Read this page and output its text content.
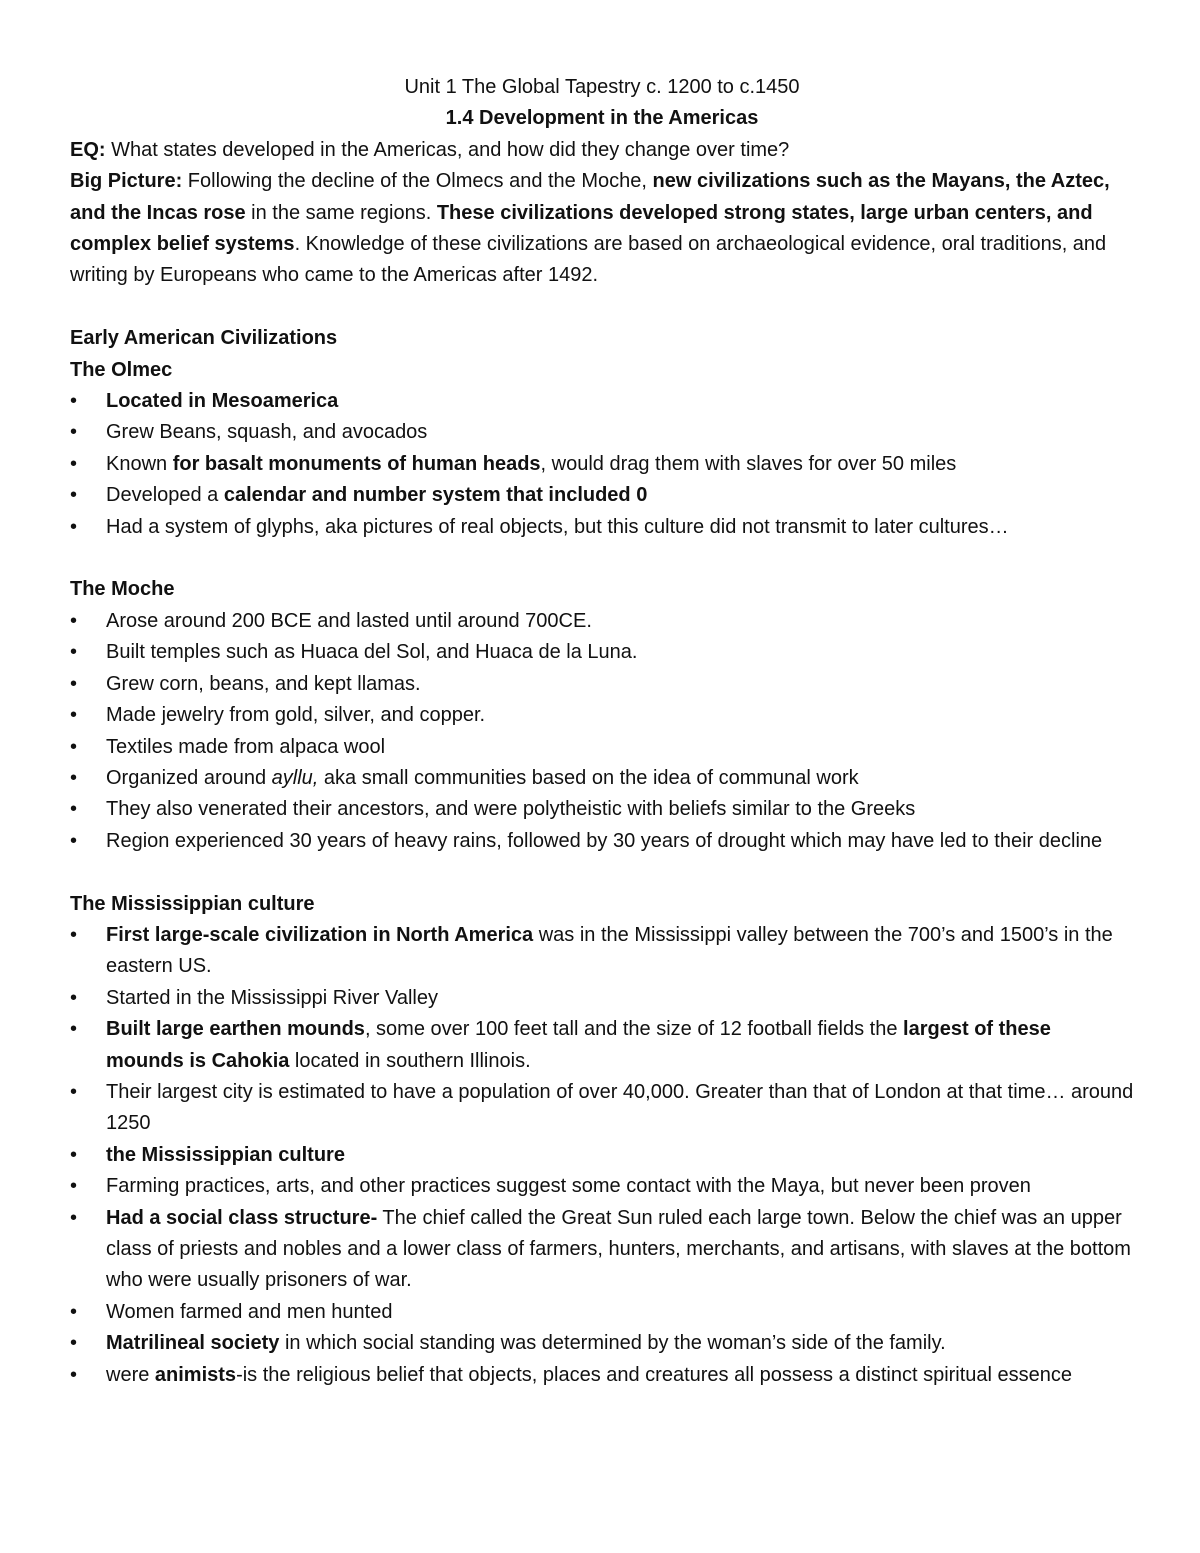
Unit 1 The Global Tapestry c. 1200 to c.1450

1.4 Development in the Americas

EQ: What states developed in the Americas, and how did they change over time?

Big Picture: Following the decline of the Olmecs and the Moche, new civilizations such as the Mayans, the Aztec, and the Incas rose in the same regions. These civilizations developed strong states, large urban centers, and complex belief systems. Knowledge of these civilizations are based on archaeological evidence, oral traditions, and writing by Europeans who came to the Americas after 1492.

Early American Civilizations

The Olmec

• Located in Mesoamerica
• Grew Beans, squash, and avocados
• Known for basalt monuments of human heads, would drag them with slaves for over 50 miles
• Developed a calendar and number system that included 0
• Had a system of glyphs, aka pictures of real objects, but this culture did not transmit to later cultures…

The Moche

• Arose around 200 BCE and lasted until around 700CE.
• Built temples such as Huaca del Sol, and Huaca de la Luna.
• Grew corn, beans, and kept llamas.
• Made jewelry from gold, silver, and copper.
• Textiles made from alpaca wool
• Organized around ayllu, aka small communities based on the idea of communal work
• They also venerated their ancestors, and were polytheistic with beliefs similar to the Greeks
• Region experienced 30 years of heavy rains, followed by 30 years of drought which may have led to their decline

The Mississippian culture

• First large-scale civilization in North America was in the Mississippi valley between the 700’s and 1500’s in the eastern US.
• Started in the Mississippi River Valley
• Built large earthen mounds, some over 100 feet tall and the size of 12 football fields the largest of these mounds is Cahokia located in southern Illinois.
• Their largest city is estimated to have a population of over 40,000. Greater than that of London at that time… around 1250
• the Mississippian culture
• Farming practices, arts, and other practices suggest some contact with the Maya, but never been proven
• Had a social class structure- The chief called the Great Sun ruled each large town. Below the chief was an upper class of priests and nobles and a lower class of farmers, hunters, merchants, and artisans, with slaves at the bottom who were usually prisoners of war.
• Women farmed and men hunted
• Matrilineal society in which social standing was determined by the woman’s side of the family.
• were animists-is the religious belief that objects, places and creatures all possess a distinct spiritual essence
